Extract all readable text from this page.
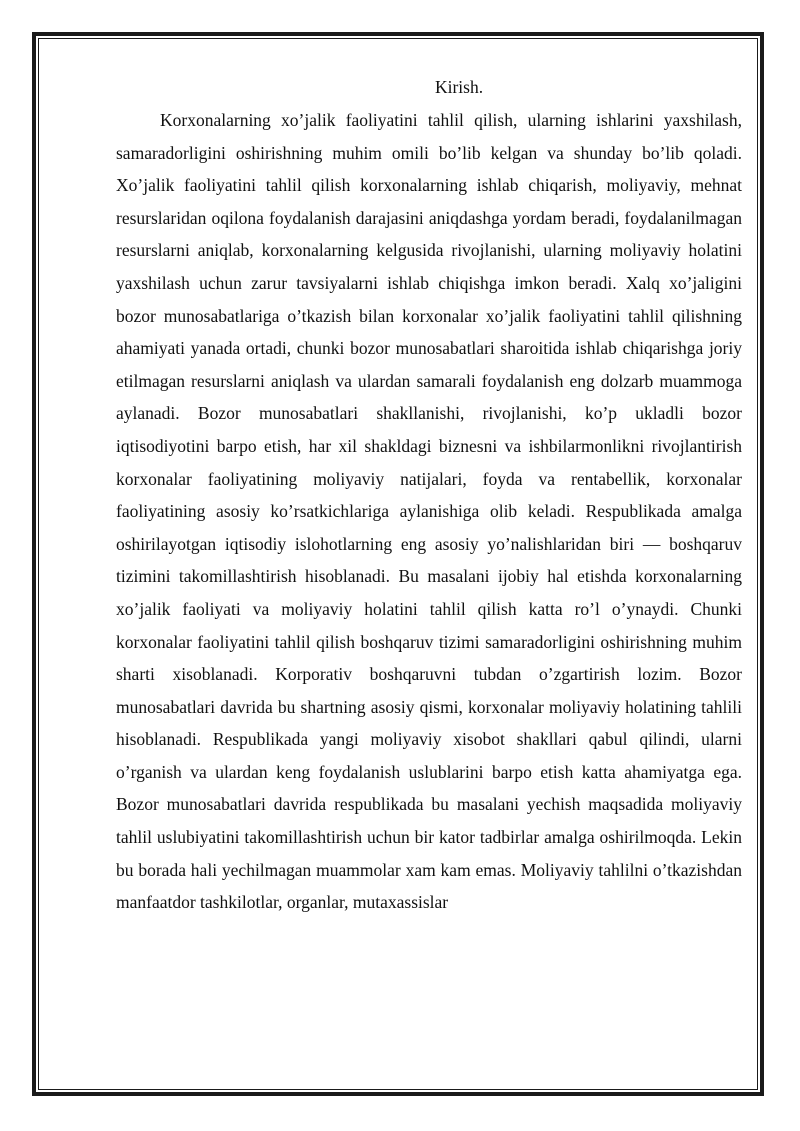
Kirish.

Korxonalarning xo’jalik faoliyatini tahlil qilish, ularning ishlarini yaxshilash, samaradorligini oshirishning muhim omili bo’lib kelgan va shunday bo’lib qoladi. Xo’jalik faoliyatini tahlil qilish korxonalarning ishlab chiqarish, moliyaviy, mehnat resurslaridan oqilona foydalanish darajasini aniqdashga yordam beradi, foydalanilmagan resurslarni aniqlab, korxonalarning kelgusida rivojlanishi, ularning moliyaviy holatini yaxshilash uchun zarur tavsiyalarni ishlab chiqishga imkon beradi. Xalq xo’jaligini bozor munosabatlariga o’tkazish bilan korxonalar xo’jalik faoliyatini tahlil qilishning ahamiyati yanada ortadi, chunki bozor munosabatlari sharoitida ishlab chiqarishga joriy etilmagan resurslarni aniqlash va ulardan samarali foydalanish eng dolzarb muammoga aylanadi. Bozor munosabatlari shakllanishi, rivojlanishi, ko’p ukladli bozor iqtisodiyotini barpo etish, har xil shakldagi biznesni va ishbilarmonlikni rivojlantirish korxonalar faoliyatining moliyaviy natijalari, foyda va rentabellik, korxonalar faoliyatining asosiy ko’rsatkichlariga aylanishiga olib keladi. Respublikada amalga oshirilayotgan iqtisodiy islohotlarning eng asosiy yo’nalishlaridan biri — boshqaruv tizimini takomillashtirish hisoblanadi. Bu masalani ijobiy hal etishda korxonalarning xo’jalik faoliyati va moliyaviy holatini tahlil qilish katta ro’l o’ynaydi. Chunki korxonalar faoliyatini tahlil qilish boshqaruv tizimi samaradorligini oshirishning muhim sharti xisoblanadi. Korporativ boshqaruvni tubdan o’zgartirish lozim. Bozor munosabatlari davrida bu shartning asosiy qismi, korxonalar moliyaviy holatining tahlili hisoblanadi. Respublikada yangi moliyaviy xisobot shakllari qabul qilindi, ularni o’rganish va ulardan keng foydalanish uslublarini barpo etish katta ahamiyatga ega. Bozor munosabatlari davrida respublikada bu masalani yechish maqsadida moliyaviy tahlil uslubiyatini takomillashtirish uchun bir kator tadbirlar amalga oshirilmoqda. Lekin bu borada hali yechilmagan muammolar xam kam emas. Moliyaviy tahlilni o’tkazishdan manfaatdor tashkilotlar, organlar, mutaxassislar
